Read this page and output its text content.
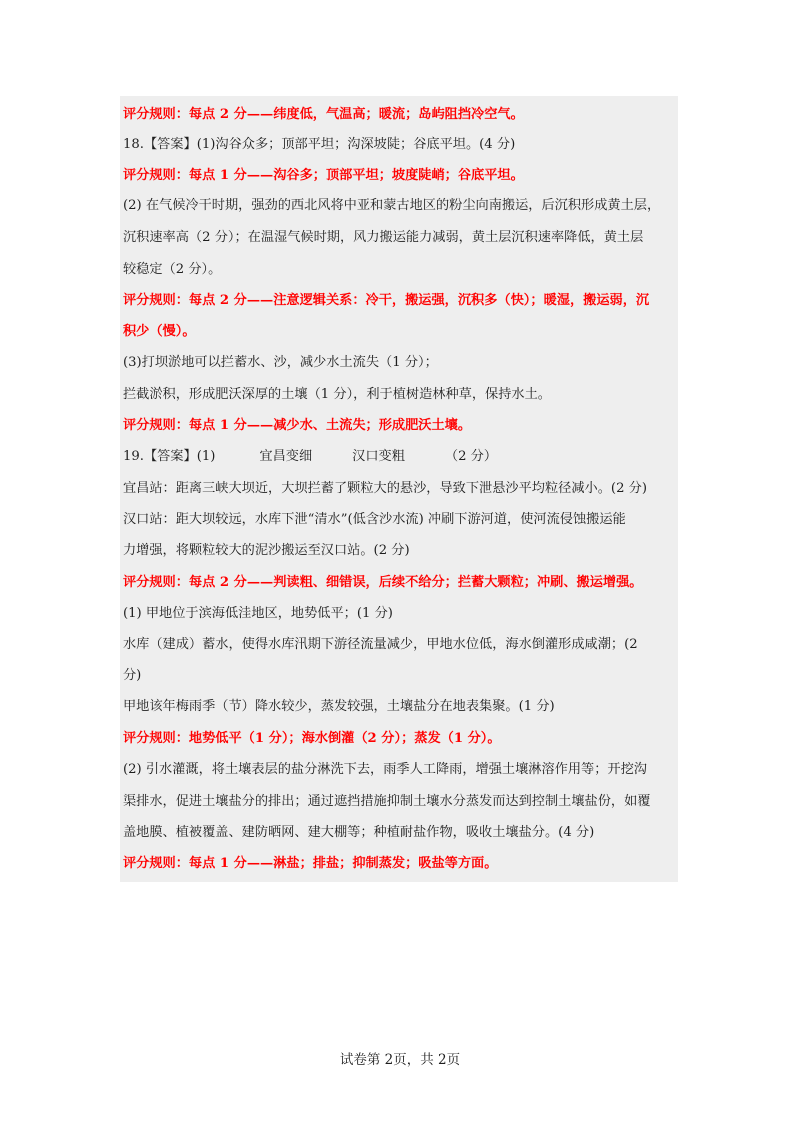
评分规则：每点 2 分——纬度低，气温高；暖流；岛屿阻挡冷空气。
18.【答案】(1)沟谷众多；顶部平坦；沟深坡陡；谷底平坦。(4 分)
评分规则：每点 1 分——沟谷多；顶部平坦；坡度陡峭；谷底平坦。
(2) 在气候冷干时期，强劲的西北风将中亚和蒙古地区的粉尘向南搬运，后沉积形成黄土层，
沉积速率高（2 分）；在温湿气候时期，风力搬运能力减弱，黄土层沉积速率降低，黄土层
较稳定（2 分）。
评分规则：每点 2 分——注意逻辑关系：冷干，搬运强，沉积多（快）；暖湿，搬运弱，沉
积少（慢）。
(3)打坝淤地可以拦蓄水、沙，减少水土流失（1 分）；
拦截淤积，形成肥沃深厚的土壤（1 分），利于植树造林种草，保持水土。
评分规则：每点 1 分——减少水、土流失；形成肥沃土壤。
19.【答案】(1)	宜昌变细	汉口变粗	（2 分）
宜昌站：距离三峡大坝近，大坝拦蓄了颗粒大的悬沙，导致下泄悬沙平均粒径减小。(2 分)
汉口站：距大坝较远，水库下泄“清水”(低含沙水流) 冲刷下游河道，使河流侵蚀搬运能
力增强，将颗粒较大的泥沙搬运至汉口站。(2 分)
评分规则：每点 2 分——判读粗、细错误，后续不给分；拦蓄大颗粒；冲刷、搬运增强。
(1) 甲地位于滨海低洼地区，地势低平；(1 分)
水库（建成）蓄水，使得水库汛期下游径流量减少，甲地水位低，海水倒灌形成咸潮；(2
分)
甲地该年梅雨季（节）降水较少，蒸发较强，土壤盐分在地表集聚。(1 分)
评分规则：地势低平（1 分）；海水倒灌（2 分）；蒸发（1 分）。
(2) 引水灌溉，将土壤表层的盐分淋洗下去，雨季人工降雨，增强土壤淋溶作用等；开挖沟
渠排水，促进土壤盐分的排出；通过遮挡措施抑制土壤水分蒸发而达到控制土壤盐份，如覆
盖地膜、植被覆盖、建防晒网、建大棚等；种植耐盐作物，吸收土壤盐分。(4 分)
评分规则：每点 1 分——淋盐；排盐；抑制蒸发；吸盐等方面。
试卷第 2页，共 2页
